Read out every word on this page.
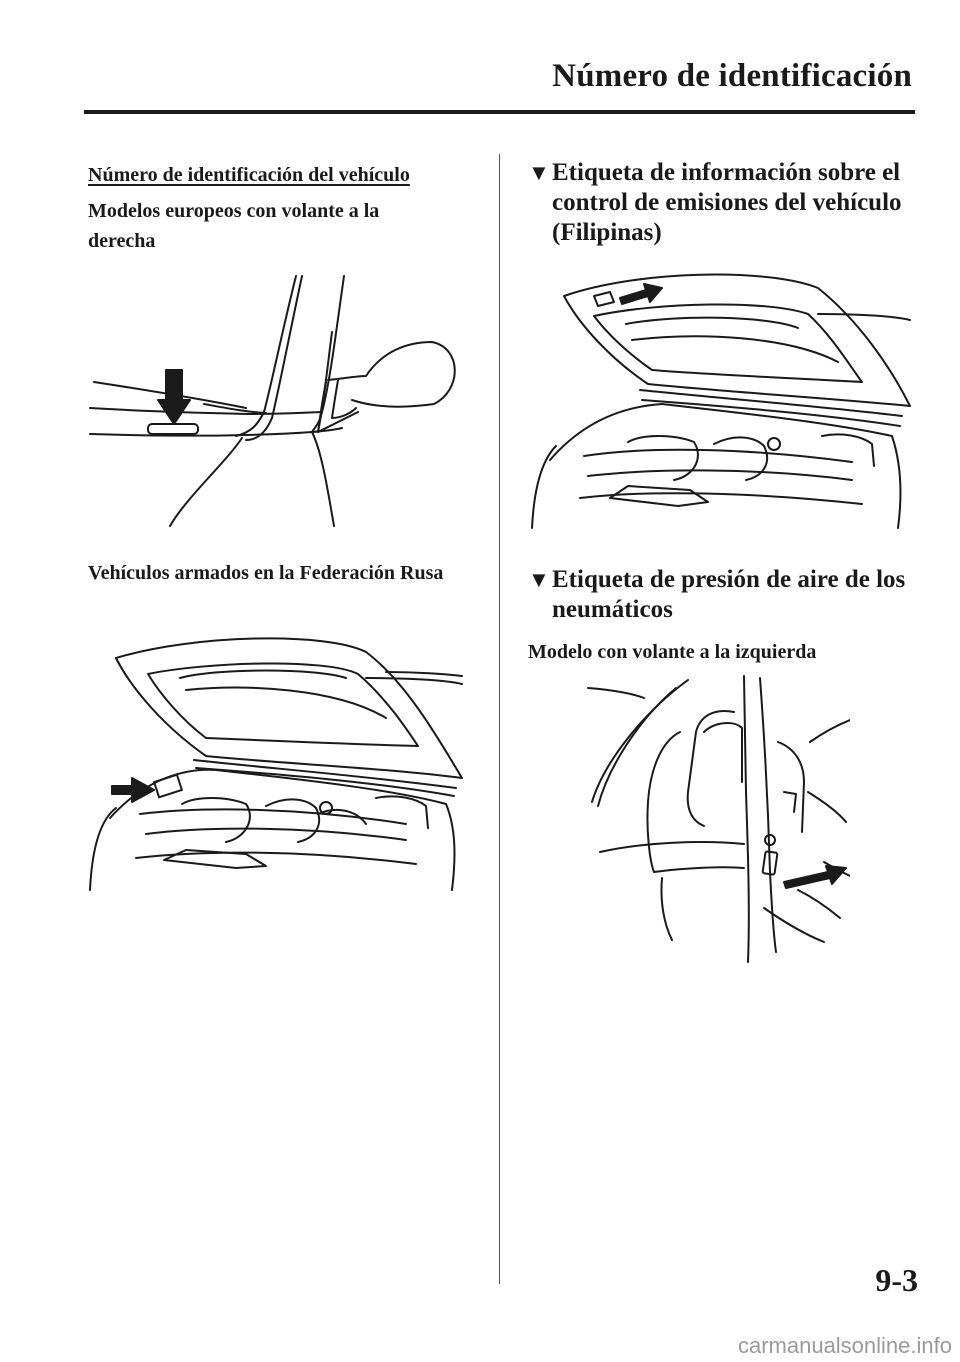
Número de identificación
Número de identificación del vehículo
Modelos europeos con volante a la derecha
Vehículos armados en la Federación Rusa
▼Etiqueta de información sobre el control de emisiones del vehículo (Filipinas)
▼Etiqueta de presión de aire de los neumáticos
Modelo con volante a la izquierda
9-3
carmanualsonline.info
